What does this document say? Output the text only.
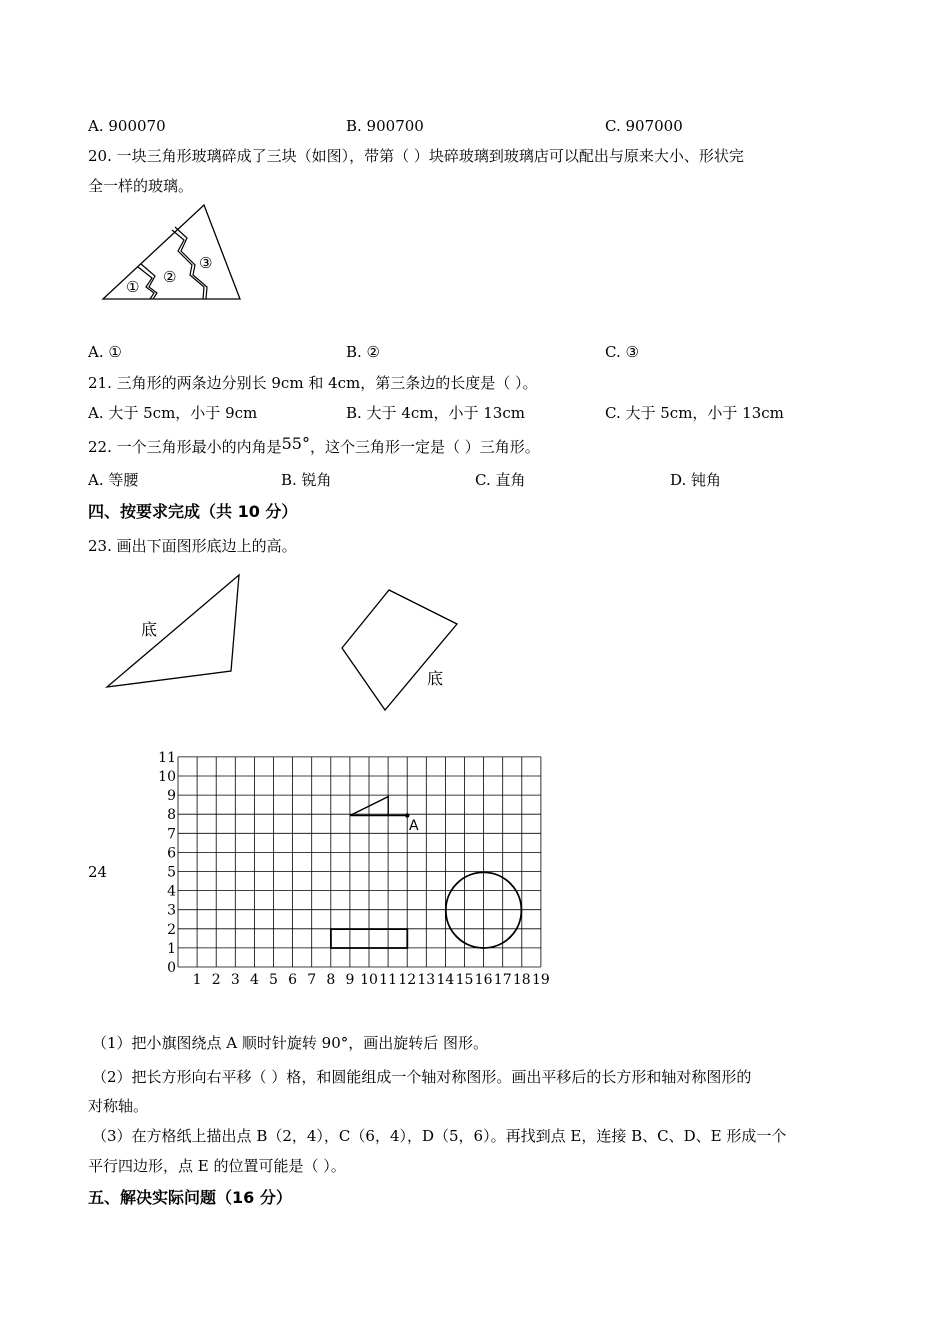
A. 900070	B. 900700	C. 907000
20. 一块三角形玻璃碎成了三块（如图），带第（ ）块碎玻璃到玻璃店可以配出与原来大小、形状完
全一样的玻璃。
①
②
③
A. ①	B. ②	C. ③
21. 三角形的两条边分别长 9cm 和 4cm，第三条边的长度是（ ）。
A. 大于 5cm，小于 9cm	B. 大于 4cm，小于 13cm	C. 大于 5cm，小于 13cm
22. 一个三角形最小的内角是55°，这个三角形一定是（ ）三角形。
A. 等腰	B. 锐角	C. 直角	D. 钝角
四、按要求完成（共 10 分）
23. 画出下面图形底边上的高。
底
底
24
1 2 3 4 5 6 7 8 9 10 11 12 13 14 15 16 17 18 19
0
1
2
3
4
5
6
7
8
9
10
11
A
（1）把小旗图绕点 A 顺时针旋转 90°，画出旋转后 图形。
（2）把长方形向右平移（ ）格，和圆能组成一个轴对称图形。画出平移后的长方形和轴对称图形的
对称轴。
（3）在方格纸上描出点 B（2，4），C（6，4），D（5，6）。再找到点 E，连接 B、C、D、E 形成一个
平行四边形，点 E 的位置可能是（ ）。
五、解决实际问题（16 分）
